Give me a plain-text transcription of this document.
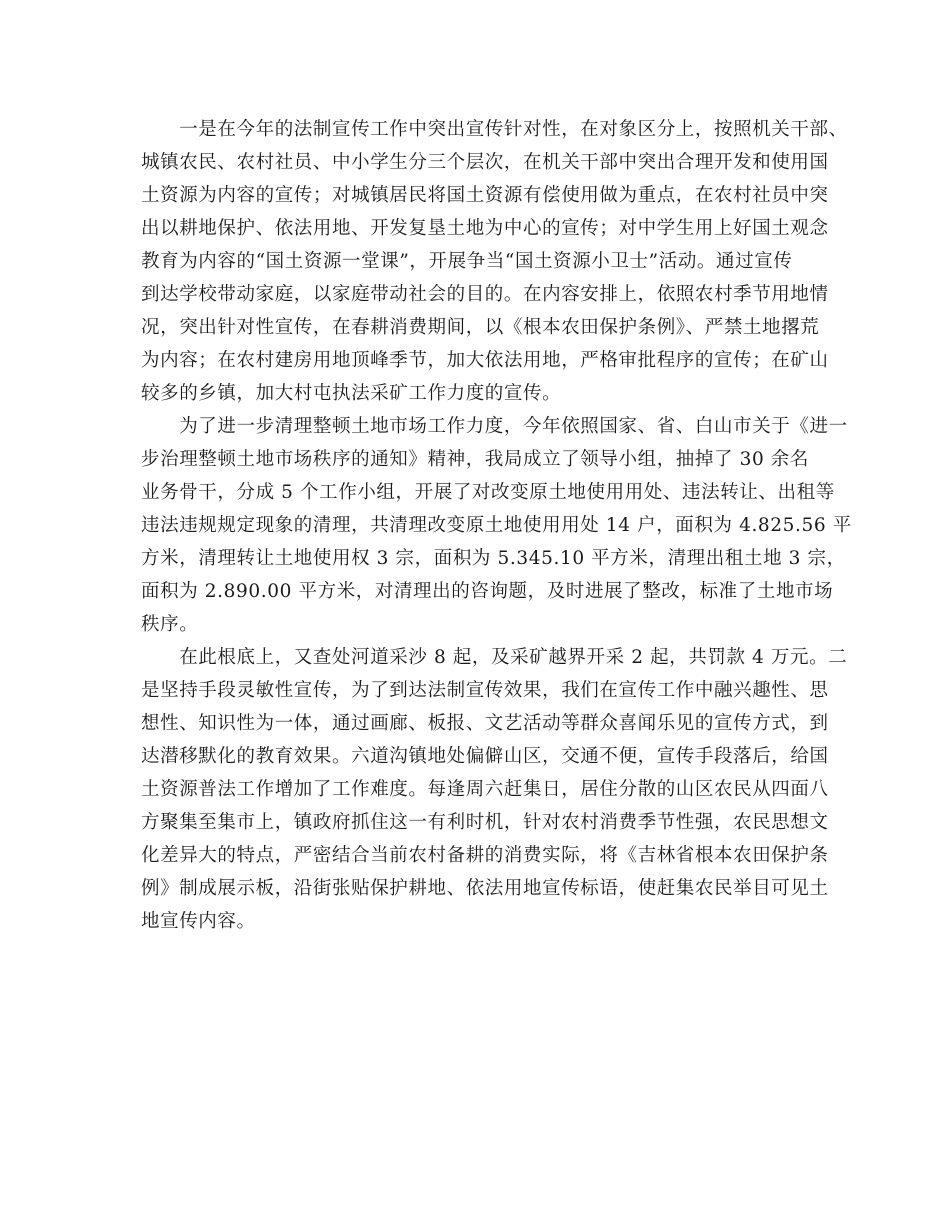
　　一是在今年的法制宣传工作中突出宣传针对性，在对象区分上，按照机关干部、
城镇农民、农村社员、中小学生分三个层次，在机关干部中突出合理开发和使用国
土资源为内容的宣传；对城镇居民将国土资源有偿使用做为重点，在农村社员中突
出以耕地保护、依法用地、开发复垦土地为中心的宣传；对中学生用上好国土观念
教育为内容的“国土资源一堂课”，开展争当“国土资源小卫士”活动。通过宣传
到达学校带动家庭，以家庭带动社会的目的。在内容安排上，依照农村季节用地情
况，突出针对性宣传，在春耕消费期间，以《根本农田保护条例》、严禁土地撂荒
为内容；在农村建房用地顶峰季节，加大依法用地，严格审批程序的宣传；在矿山
较多的乡镇，加大村屯执法采矿工作力度的宣传。
　　为了进一步清理整顿土地市场工作力度，今年依照国家、省、白山市关于《进一
步治理整顿土地市场秩序的通知》精神，我局成立了领导小组，抽掉了 30 余名
业务骨干，分成 5 个工作小组，开展了对改变原土地使用用处、违法转让、出租等
违法违规规定现象的清理，共清理改变原土地使用用处 14 户，面积为 4.825.56 平
方米，清理转让土地使用权 3 宗，面积为 5.345.10 平方米，清理出租土地 3 宗，
面积为 2.890.00 平方米，对清理出的咨询题，及时进展了整改，标准了土地市场
秩序。
　　在此根底上，又查处河道采沙 8 起，及采矿越界开采 2 起，共罚款 4 万元。二
是坚持手段灵敏性宣传，为了到达法制宣传效果，我们在宣传工作中融兴趣性、思
想性、知识性为一体，通过画廊、板报、文艺活动等群众喜闻乐见的宣传方式，到
达潜移默化的教育效果。六道沟镇地处偏僻山区，交通不便，宣传手段落后，给国
土资源普法工作增加了工作难度。每逢周六赶集日，居住分散的山区农民从四面八
方聚集至集市上，镇政府抓住这一有利时机，针对农村消费季节性强，农民思想文
化差异大的特点，严密结合当前农村备耕的消费实际，将《吉林省根本农田保护条
例》制成展示板，沿街张贴保护耕地、依法用地宣传标语，使赶集农民举目可见土
地宣传内容。
